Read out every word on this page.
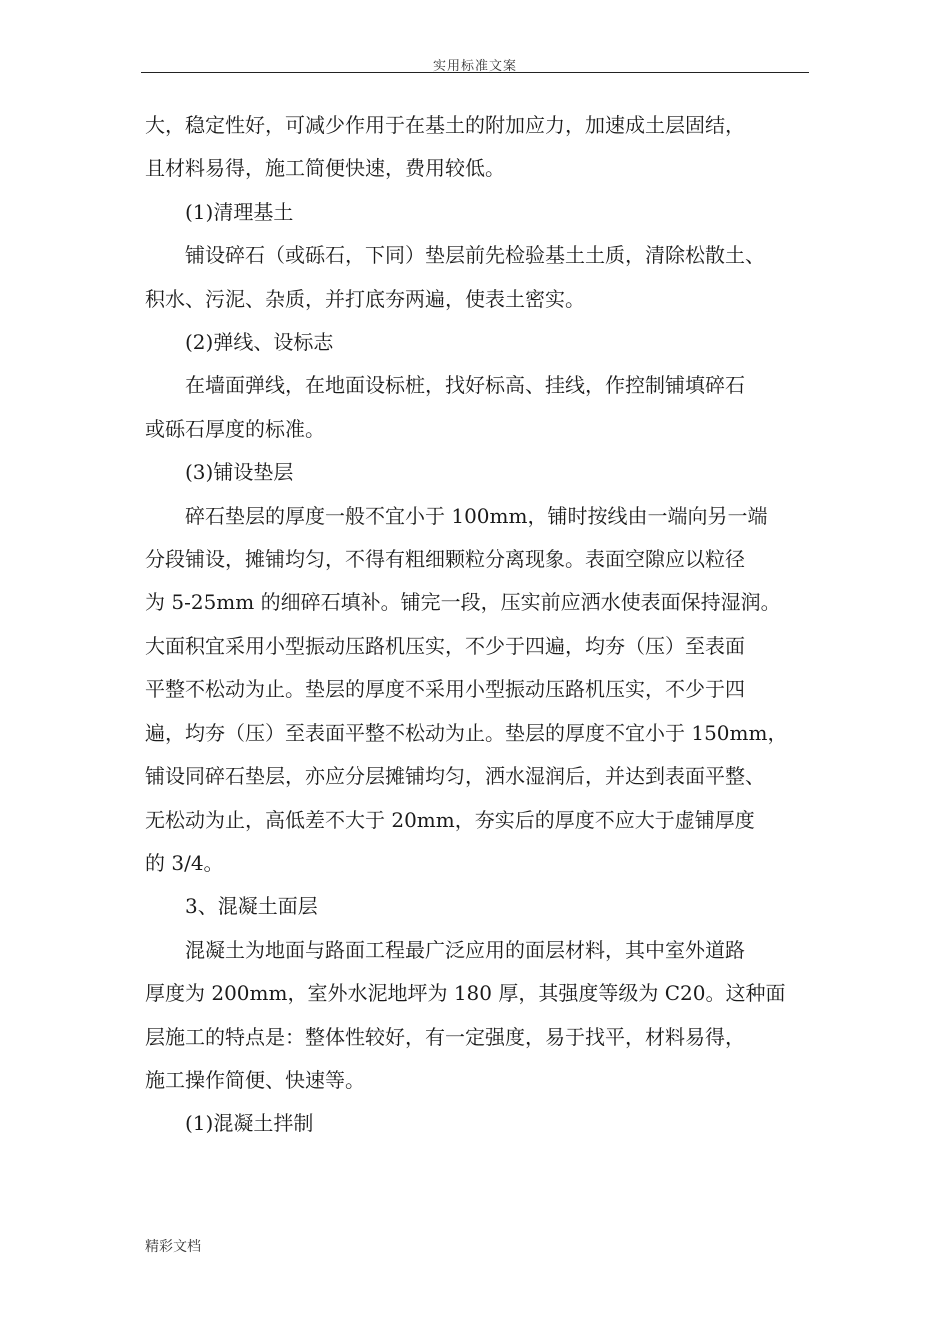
实用标准文案

大，稳定性好，可减少作用于在基土的附加应力，加速成土层固结，

且材料易得，施工简便快速，费用较低。

　　(1)清理基土

　　铺设碎石（或砾石，下同）垫层前先检验基土土质，清除松散土、

积水、污泥、杂质，并打底夯两遍，使表土密实。

　　(2)弹线、设标志

　　在墙面弹线，在地面设标桩，找好标高、挂线，作控制铺填碎石

或砾石厚度的标准。

　　(3)铺设垫层

　　碎石垫层的厚度一般不宜小于 100mm，铺时按线由一端向另一端

分段铺设，摊铺均匀，不得有粗细颗粒分离现象。表面空隙应以粒径

为 5-25mm 的细碎石填补。铺完一段，压实前应洒水使表面保持湿润。

大面积宜采用小型振动压路机压实，不少于四遍，均夯（压）至表面

平整不松动为止。垫层的厚度不采用小型振动压路机压实，不少于四

遍，均夯（压）至表面平整不松动为止。垫层的厚度不宜小于 150mm，

铺设同碎石垫层，亦应分层摊铺均匀，洒水湿润后，并达到表面平整、

无松动为止，高低差不大于 20mm，夯实后的厚度不应大于虚铺厚度

的 3/4。

　　3、混凝土面层

　　混凝土为地面与路面工程最广泛应用的面层材料，其中室外道路

厚度为 200mm，室外水泥地坪为 180 厚，其强度等级为 C20。这种面

层施工的特点是：整体性较好，有一定强度，易于找平，材料易得，

施工操作简便、快速等。

　　(1)混凝土拌制

精彩文档
